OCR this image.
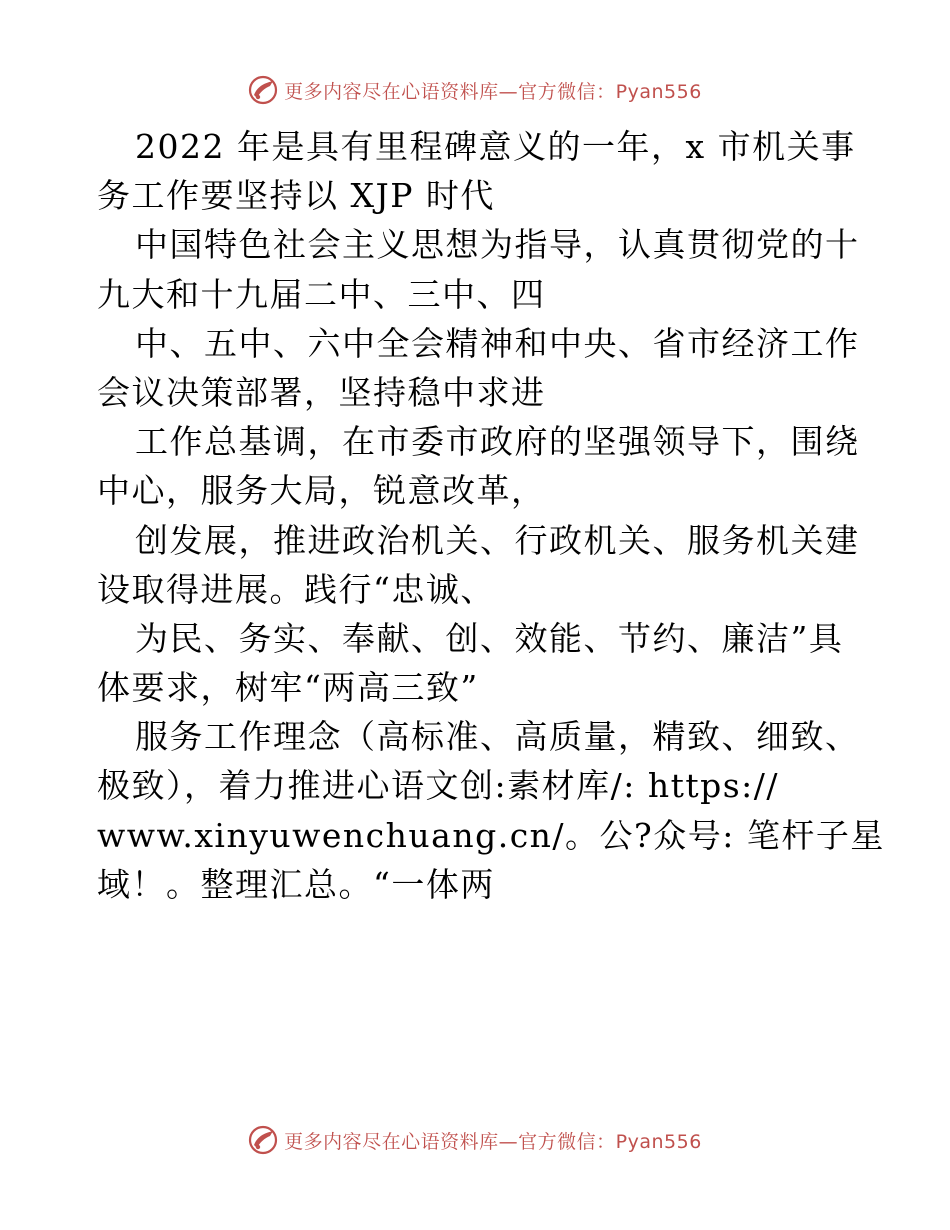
更多内容尽在心语资料库—官方微信：Pyan556
2022 年是具有里程碑意义的一年，x 市机关事
务工作要坚持以 XJP 时代
中国特色社会主义思想为指导，认真贯彻党的十
九大和十九届二中、三中、四
中、五中、六中全会精神和中央、省市经济工作
会议决策部署，坚持稳中求进
工作总基调，在市委市政府的坚强领导下，围绕
中心，服务大局，锐意改革，
创发展，推进政治机关、行政机关、服务机关建
设取得进展。践行“忠诚、
为民、务实、奉献、创、效能、节约、廉洁”具
体要求，树牢“两高三致”
服务工作理念（高标准、高质量，精致、细致、
极致），着力推进心语文创:素材库/: https://
www.xinyuwenchuang.cn/。公?众号: 笔杆子星
域！。整理汇总。“一体两
更多内容尽在心语资料库—官方微信：Pyan556
